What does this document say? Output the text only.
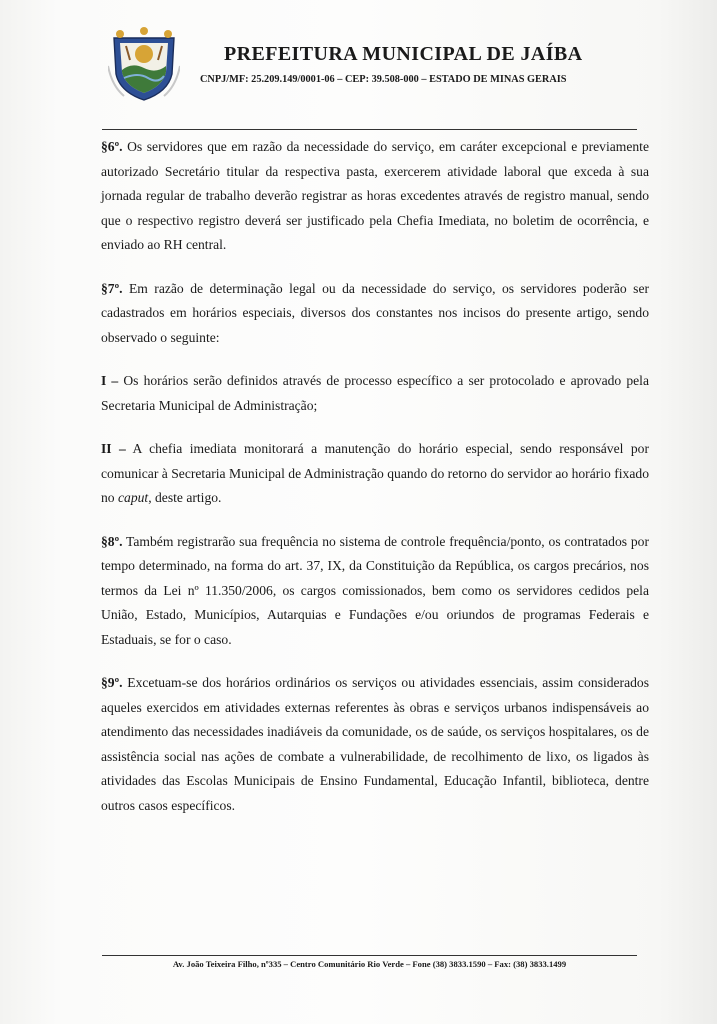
PREFEITURA MUNICIPAL DE JAÍBA
CNPJ/MF: 25.209.149/0001-06 – CEP: 39.508-000 – ESTADO DE MINAS GERAIS

§6º. Os servidores que em razão da necessidade do serviço, em caráter excepcional e previamente autorizado Secretário titular da respectiva pasta, exercerem atividade laboral que exceda à sua jornada regular de trabalho deverão registrar as horas excedentes através de registro manual, sendo que o respectivo registro deverá ser justificado pela Chefia Imediata, no boletim de ocorrência, e enviado ao RH central.

§7º. Em razão de determinação legal ou da necessidade do serviço, os servidores poderão ser cadastrados em horários especiais, diversos dos constantes nos incisos do presente artigo, sendo observado o seguinte:

I – Os horários serão definidos através de processo específico a ser protocolado e aprovado pela Secretaria Municipal de Administração;

II – A chefia imediata monitorará a manutenção do horário especial, sendo responsável por comunicar à Secretaria Municipal de Administração quando do retorno do servidor ao horário fixado no caput, deste artigo.

§8º. Também registrarão sua frequência no sistema de controle frequência/ponto, os contratados por tempo determinado, na forma do art. 37, IX, da Constituição da República, os cargos precários, nos termos da Lei nº 11.350/2006, os cargos comissionados, bem como os servidores cedidos pela União, Estado, Municípios, Autarquias e Fundações e/ou oriundos de programas Federais e Estaduais, se for o caso.

§9º. Excetuam-se dos horários ordinários os serviços ou atividades essenciais, assim considerados aqueles exercidos em atividades externas referentes às obras e serviços urbanos indispensáveis ao atendimento das necessidades inadiáveis da comunidade, os de saúde, os serviços hospitalares, os de assistência social nas ações de combate a vulnerabilidade, de recolhimento de lixo, os ligados às atividades das Escolas Municipais de Ensino Fundamental, Educação Infantil, biblioteca, dentre outros casos específicos.

Av. João Teixeira Filho, nº335 – Centro Comunitário Rio Verde – Fone (38) 3833.1590 – Fax: (38) 3833.1499
